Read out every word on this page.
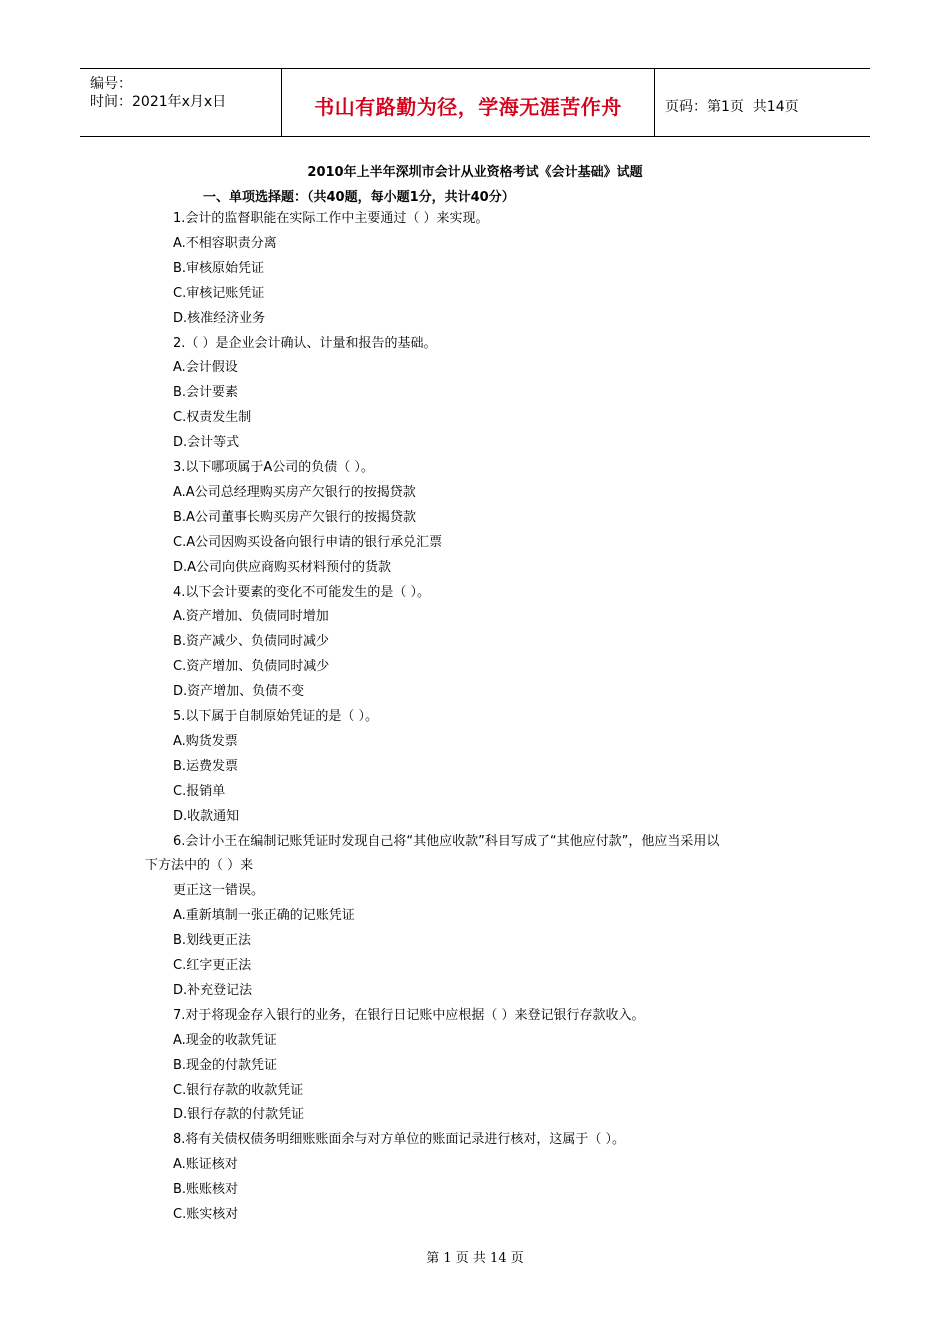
编号：
时间：2021年x月x日	书山有路勤为径，学海无涯苦作舟	页码：第1页  共14页
2010年上半年深圳市会计从业资格考试《会计基础》试题
一、单项选择题：（共40题，每小题1分，共计40分）
1.会计的监督职能在实际工作中主要通过（ ）来实现。
A.不相容职责分离
B.审核原始凭证
C.审核记账凭证
D.核准经济业务
2.（ ）是企业会计确认、计量和报告的基础。
A.会计假设
B.会计要素
C.权责发生制
D.会计等式
3.以下哪项属于A公司的负债（ ）。
A.A公司总经理购买房产欠银行的按揭贷款
B.A公司董事长购买房产欠银行的按揭贷款
C.A公司因购买设备向银行申请的银行承兑汇票
D.A公司向供应商购买材料预付的货款
4.以下会计要素的变化不可能发生的是（ ）。
A.资产增加、负债同时增加
B.资产减少、负债同时减少
C.资产增加、负债同时减少
D.资产增加、负债不变
5.以下属于自制原始凭证的是（ ）。
A.购货发票
B.运费发票
C.报销单
D.收款通知
6.会计小王在编制记账凭证时发现自己将“其他应收款”科目写成了“其他应付款”，他应当采用以
下方法中的（ ）来
更正这一错误。
A.重新填制一张正确的记账凭证
B.划线更正法
C.红字更正法
D.补充登记法
7.对于将现金存入银行的业务，在银行日记账中应根据（ ）来登记银行存款收入。
A.现金的收款凭证
B.现金的付款凭证
C.银行存款的收款凭证
D.银行存款的付款凭证
8.将有关债权债务明细账账面余与对方单位的账面记录进行核对，这属于（ ）。
A.账证核对
B.账账核对
C.账实核对
第 1 页 共 14 页
